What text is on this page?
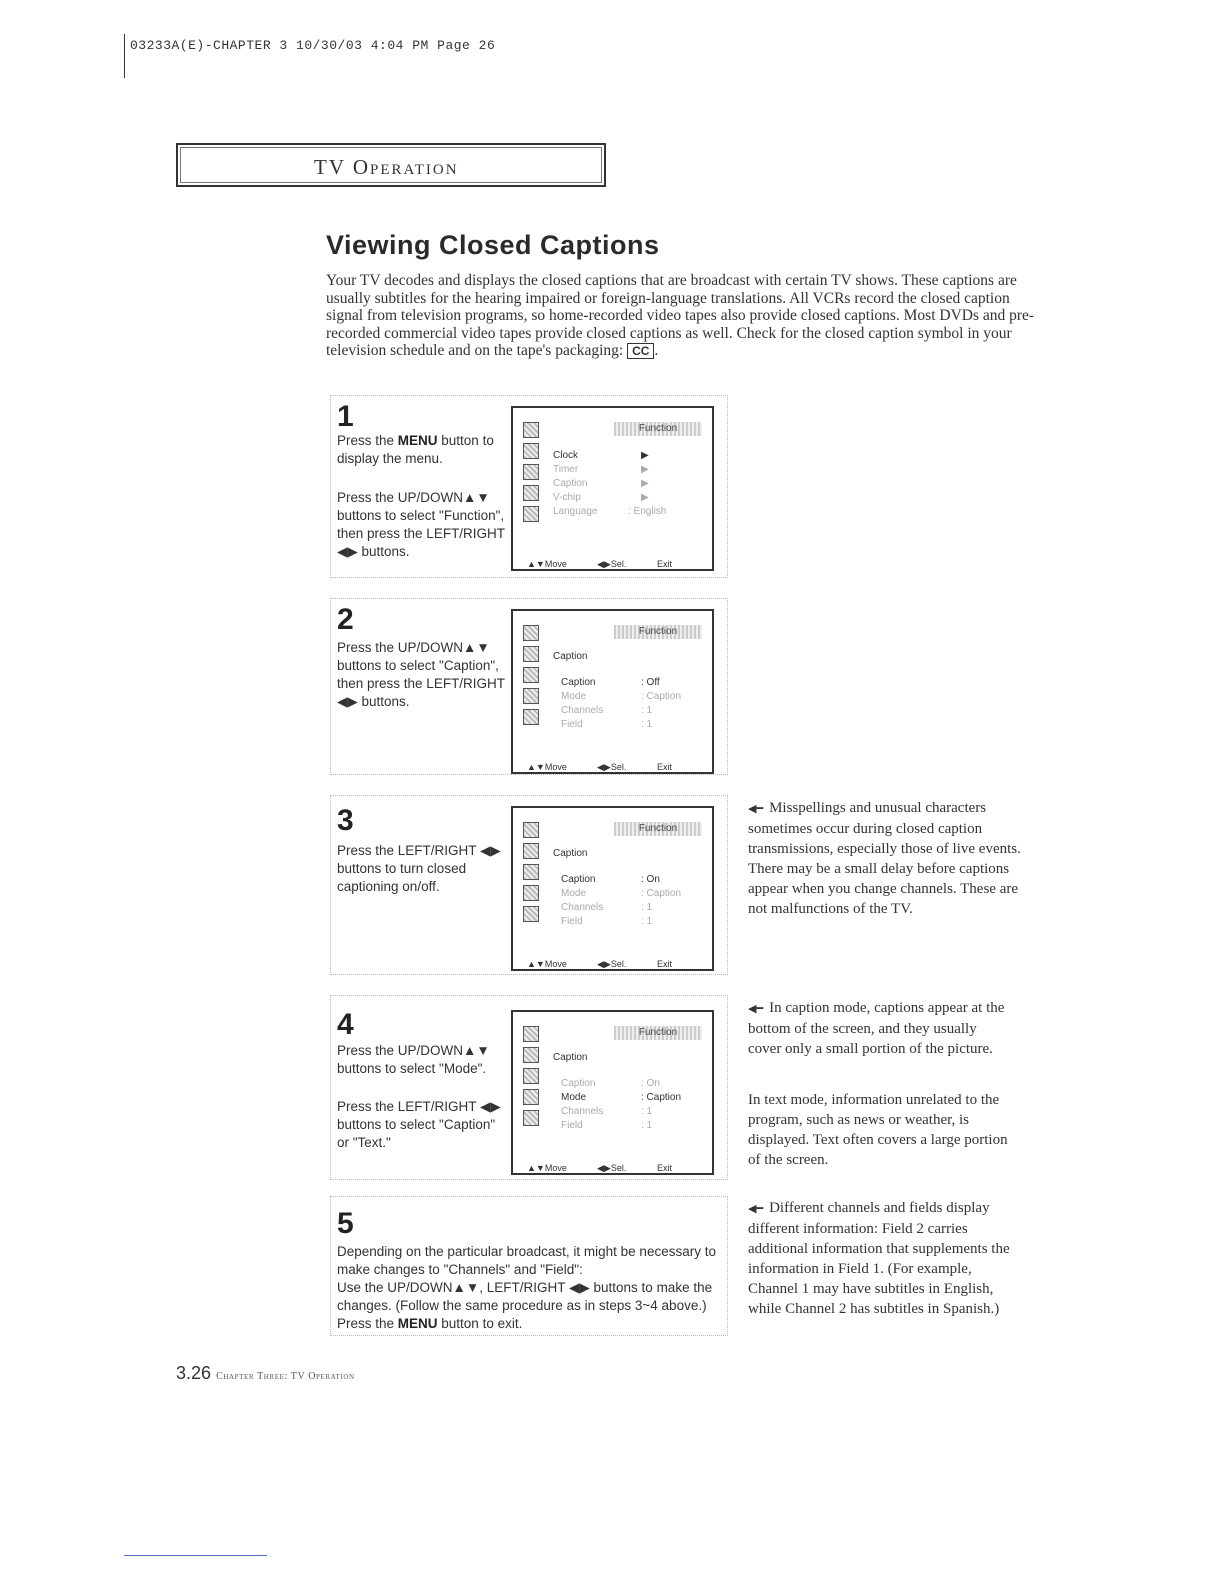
03233A(E)-CHAPTER 3 10/30/03 4:04 PM Page 26
TV Operation
Viewing Closed Captions
Your TV decodes and displays the closed captions that are broadcast with certain TV shows. These captions are usually subtitles for the hearing impaired or foreign-language translations. All VCRs record the closed caption signal from television programs, so home-recorded video tapes also provide closed captions. Most DVDs and pre-recorded commercial video tapes provide closed captions as well. Check for the closed caption symbol in your television schedule and on the tape's packaging: CC .
1
Press the MENU button to display the menu.
Press the UP/DOWN▲▼ buttons to select "Function", then press the LEFT/RIGHT ◀▶ buttons.
Function
Clock	▶
Timer	▶
Caption	▶
V-chip	▶
Language	: English
▲▼Move	◀▶Sel.	Exit
2
Press the UP/DOWN▲▼ buttons to select "Caption", then press the LEFT/RIGHT ◀▶ buttons.
Function
Caption
Caption	: Off
Mode	: Caption
Channels	: 1
Field	: 1
▲▼Move	◀▶Sel.	Exit
3
Press the LEFT/RIGHT ◀▶ buttons to turn closed captioning on/off.
Function
Caption
Caption	: On
Mode	: Caption
Channels	: 1
Field	: 1
▲▼Move	◀▶Sel.	Exit
4
Press the UP/DOWN▲▼ buttons to select "Mode".
Press the LEFT/RIGHT ◀▶ buttons to select "Caption" or "Text."
Function
Caption
Caption	: On
Mode	: Caption
Channels	: 1
Field	: 1
▲▼Move	◀▶Sel.	Exit
5
Depending on the particular broadcast, it might be necessary to make changes to "Channels" and "Field":
Use the UP/DOWN▲▼, LEFT/RIGHT ◀▶ buttons to make the changes. (Follow the same procedure as in steps 3~4 above.)
Press the MENU button to exit.
◀━ Misspellings and unusual characters sometimes occur during closed caption transmissions, especially those of live events. There may be a small delay before captions appear when you change channels. These are not malfunctions of the TV.
◀━ In caption mode, captions appear at the bottom of the screen, and they usually cover only a small portion of the picture.
In text mode, information unrelated to the program, such as news or weather, is displayed. Text often covers a large portion of the screen.
◀━ Different channels and fields display different information: Field 2 carries additional information that supplements the information in Field 1. (For example, Channel 1 may have subtitles in English, while Channel 2 has subtitles in Spanish.)
3.26 Chapter Three: TV Operation
